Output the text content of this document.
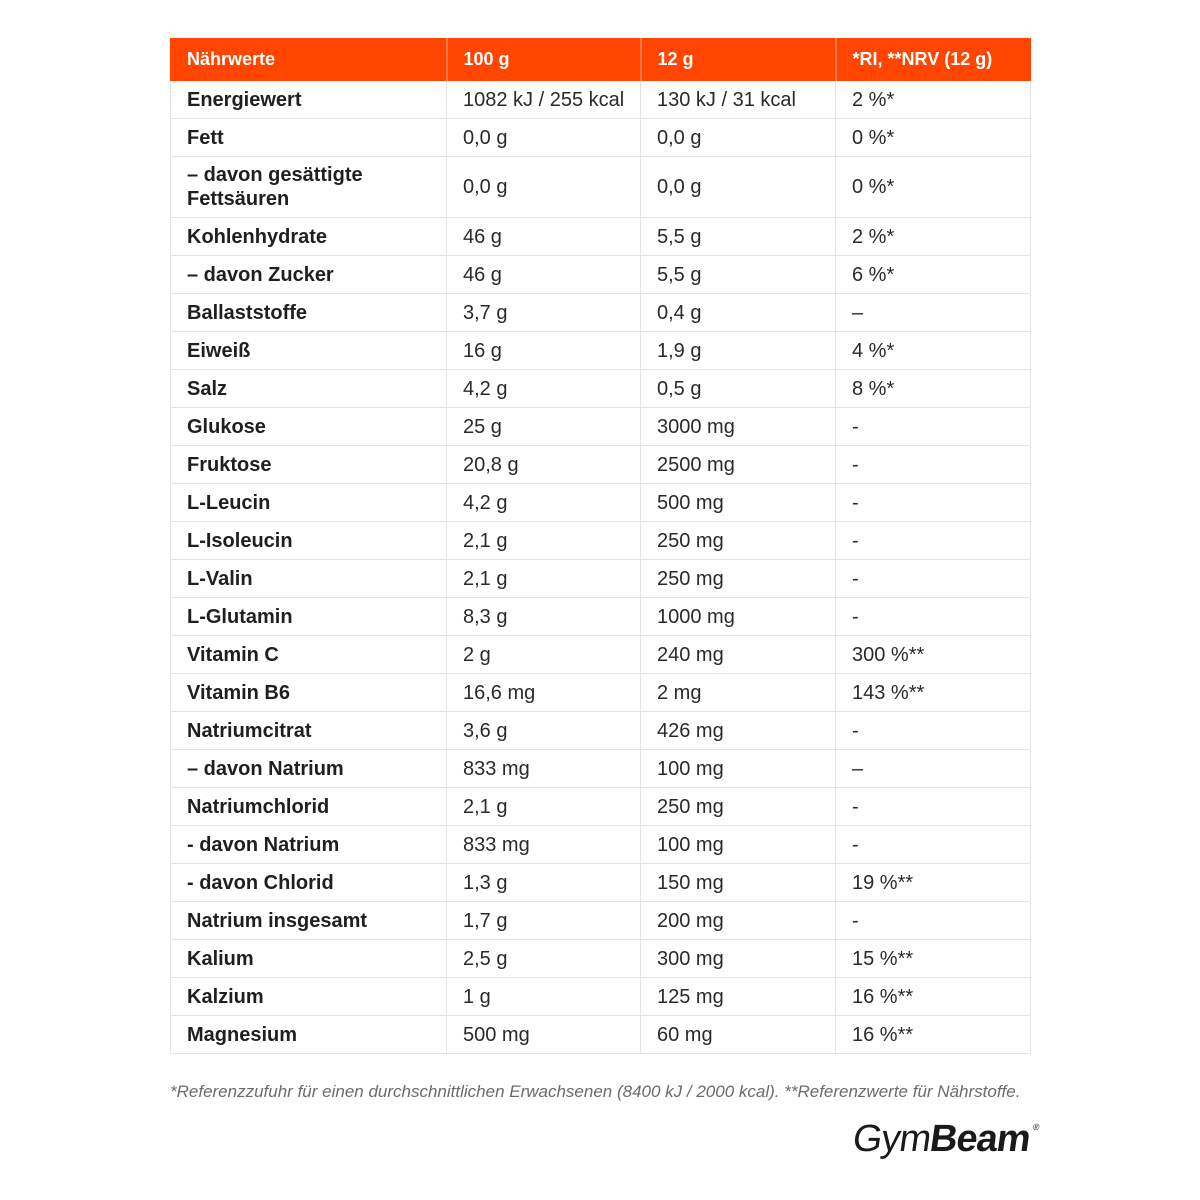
Nährwerte	100 g	12 g	*RI, **NRV (12 g)
Energiewert	1082 kJ / 255 kcal	130 kJ / 31 kcal	2 %*
Fett	0,0 g	0,0 g	0 %*
– davon gesättigte Fettsäuren	0,0 g	0,0 g	0 %*
Kohlenhydrate	46 g	5,5 g	2 %*
– davon Zucker	46 g	5,5 g	6 %*
Ballaststoffe	3,7 g	0,4 g	–
Eiweiß	16 g	1,9 g	4 %*
Salz	4,2 g	0,5 g	8 %*
Glukose	25 g	3000 mg	-
Fruktose	20,8 g	2500 mg	-
L-Leucin	4,2 g	500 mg	-
L-Isoleucin	2,1 g	250 mg	-
L-Valin	2,1 g	250 mg	-
L-Glutamin	8,3 g	1000 mg	-
Vitamin C	2 g	240 mg	300 %**
Vitamin B6	16,6 mg	2 mg	143 %**
Natriumcitrat	3,6 g	426 mg	-
– davon Natrium	833 mg	100 mg	–
Natriumchlorid	2,1 g	250 mg	-
- davon Natrium	833 mg	100 mg	-
- davon Chlorid	1,3 g	150 mg	19 %**
Natrium insgesamt	1,7 g	200 mg	-
Kalium	2,5 g	300 mg	15 %**
Kalzium	1 g	125 mg	16 %**
Magnesium	500 mg	60 mg	16 %**
*Referenzzufuhr für einen durchschnittlichen Erwachsenen (8400 kJ / 2000 kcal). **Referenzwerte für Nährstoffe.
GymBeam ®
